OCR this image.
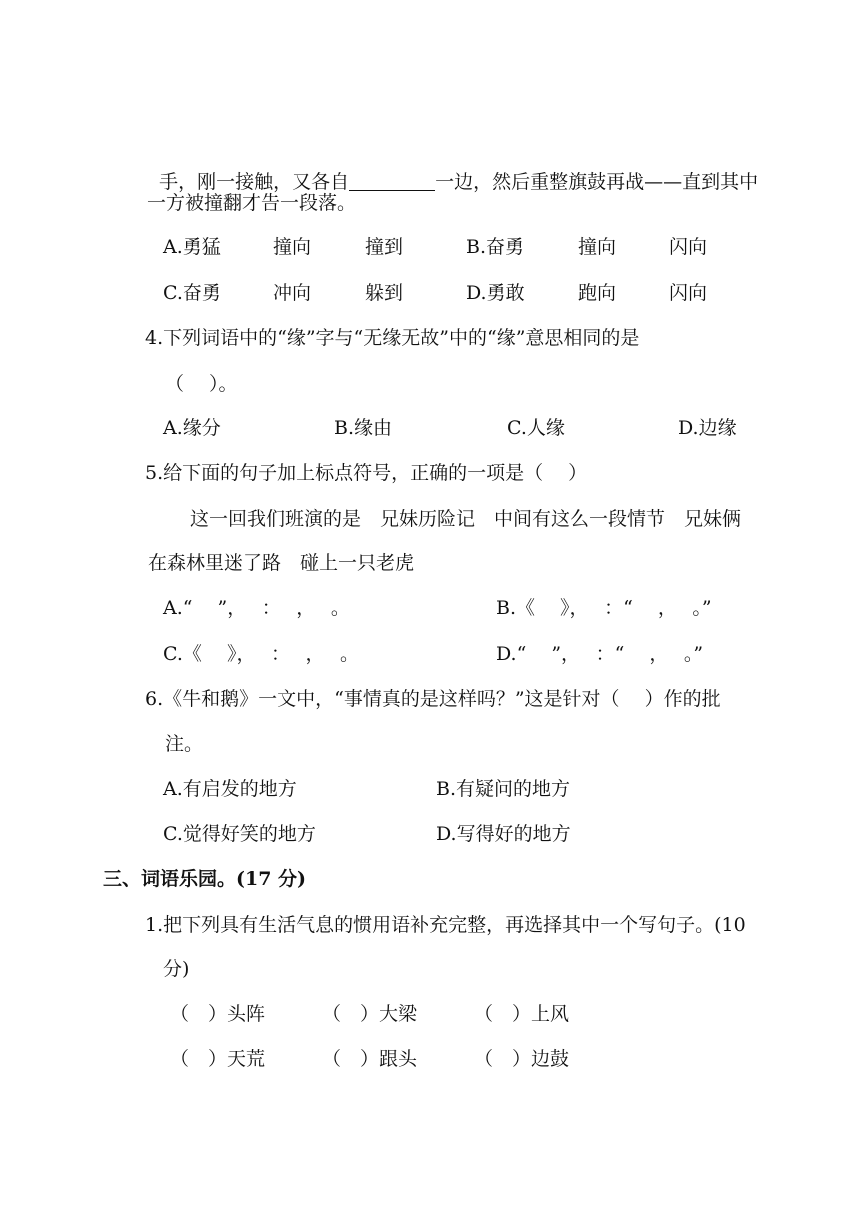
手，刚一接触，又各自	一边，然后重整旗鼓再战——直到其中

一方被撞翻才告一段落。
A.勇猛	撞向	撞到	B.奋勇	撞向	闪向
C.奋勇	冲向	躲到	D.勇敢	跑向	闪向
4.下列词语中的“缘”字与“无缘无故”中的“缘”意思相同的是
（　 ）。
A.缘分	B.缘由	C.人缘	D.边缘
5.给下面的句子加上标点符号，正确的一项是（　 ）
这一回我们班演的是　兄妹历险记　中间有这么一段情节　兄妹俩
在森林里迷了路　碰上一只老虎
A.“　 ”，　 ：　 ，　 。	B.《　 》，　 ：“　 ，　 。”
C.《　 》，　 ：　 ，　 。	D.“　 ”，　 ：“　 ，　 。”
6.《牛和鹅》一文中，“事情真的是这样吗？”这是针对（　 ）作的批
注。
A.有启发的地方	B.有疑问的地方
C.觉得好笑的地方	D.写得好的地方
三、词语乐园。(17 分)
1.把下列具有生活气息的惯用语补充完整，再选择其中一个写句子。(10
分)
（　）头阵	（　）大梁	（　）上风
（　）天荒	（　）跟头	（　）边鼓
